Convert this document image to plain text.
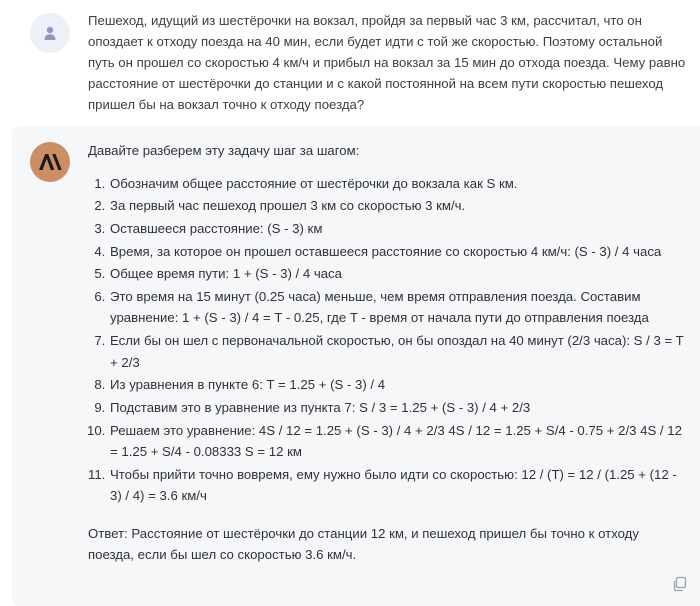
Пешеход, идущий из шестёрочки на вокзал, пройдя за первый час 3 км, рассчитал, что он опоздает к отходу поезда на 40 мин, если будет идти с той же скоростью. Поэтому остальной путь он прошел со скоростью 4 км/ч и прибыл на вокзал за 15 мин до отхода поезда. Чему равно расстояние от шестёрочки до станции и с какой постоянной на всем пути скоростью пешеход пришел бы на вокзал точно к отходу поезда?

Давайте разберем эту задачу шаг за шагом:

1. Обозначим общее расстояние от шестёрочки до вокзала как S км.
2. За первый час пешеход прошел 3 км со скоростью 3 км/ч.
3. Оставшееся расстояние: (S - 3) км
4. Время, за которое он прошел оставшееся расстояние со скоростью 4 км/ч: (S - 3) / 4 часа
5. Общее время пути: 1 + (S - 3) / 4 часа
6. Это время на 15 минут (0.25 часа) меньше, чем время отправления поезда. Составим уравнение: 1 + (S - 3) / 4 = T - 0.25, где T - время от начала пути до отправления поезда
7. Если бы он шел с первоначальной скоростью, он бы опоздал на 40 минут (2/3 часа): S / 3 = T + 2/3
8. Из уравнения в пункте 6: T = 1.25 + (S - 3) / 4
9. Подставим это в уравнение из пункта 7: S / 3 = 1.25 + (S - 3) / 4 + 2/3
10. Решаем это уравнение: 4S / 12 = 1.25 + (S - 3) / 4 + 2/3 4S / 12 = 1.25 + S/4 - 0.75 + 2/3 4S / 12 = 1.25 + S/4 - 0.08333 S = 12 км
11. Чтобы прийти точно вовремя, ему нужно было идти со скоростью: 12 / (T) = 12 / (1.25 + (12 - 3) / 4) = 3.6 км/ч

Ответ: Расстояние от шестёрочки до станции 12 км, и пешеход пришел бы точно к отходу поезда, если бы шел со скоростью 3.6 км/ч.
